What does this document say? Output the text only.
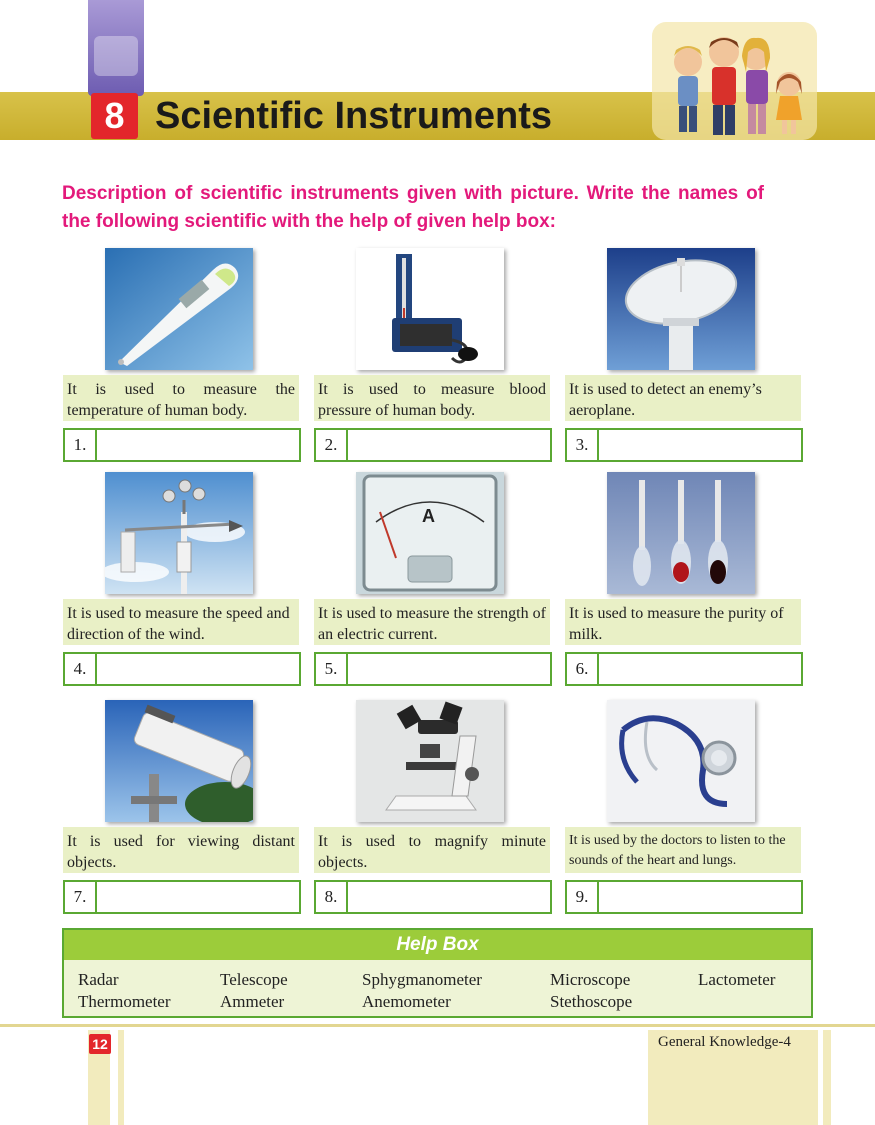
8 Scientific Instruments
Description of scientific instruments given with picture. Write the names of the following scientific with the help of given help box:
It is used to measure the temperature of human body.
1.
It is used to measure blood pressure of human body.
2.
It is used to detect an enemy’s aeroplane.
3.
It is used to measure the speed and direction of the wind.
4.
A
It is used to measure the strength of an electric current.
5.
It is used to measure the purity of milk.
6.
It is used for viewing distant objects.
7.
It is used to magnify minute objects.
8.
It is used by the doctors to listen to the sounds of the heart and lungs.
9.
Help Box
Radar	Telescope	Sphygmanometer	Microscope	Lactometer
Thermometer	Ammeter	Anemometer	Stethoscope
12	General Knowledge-4
